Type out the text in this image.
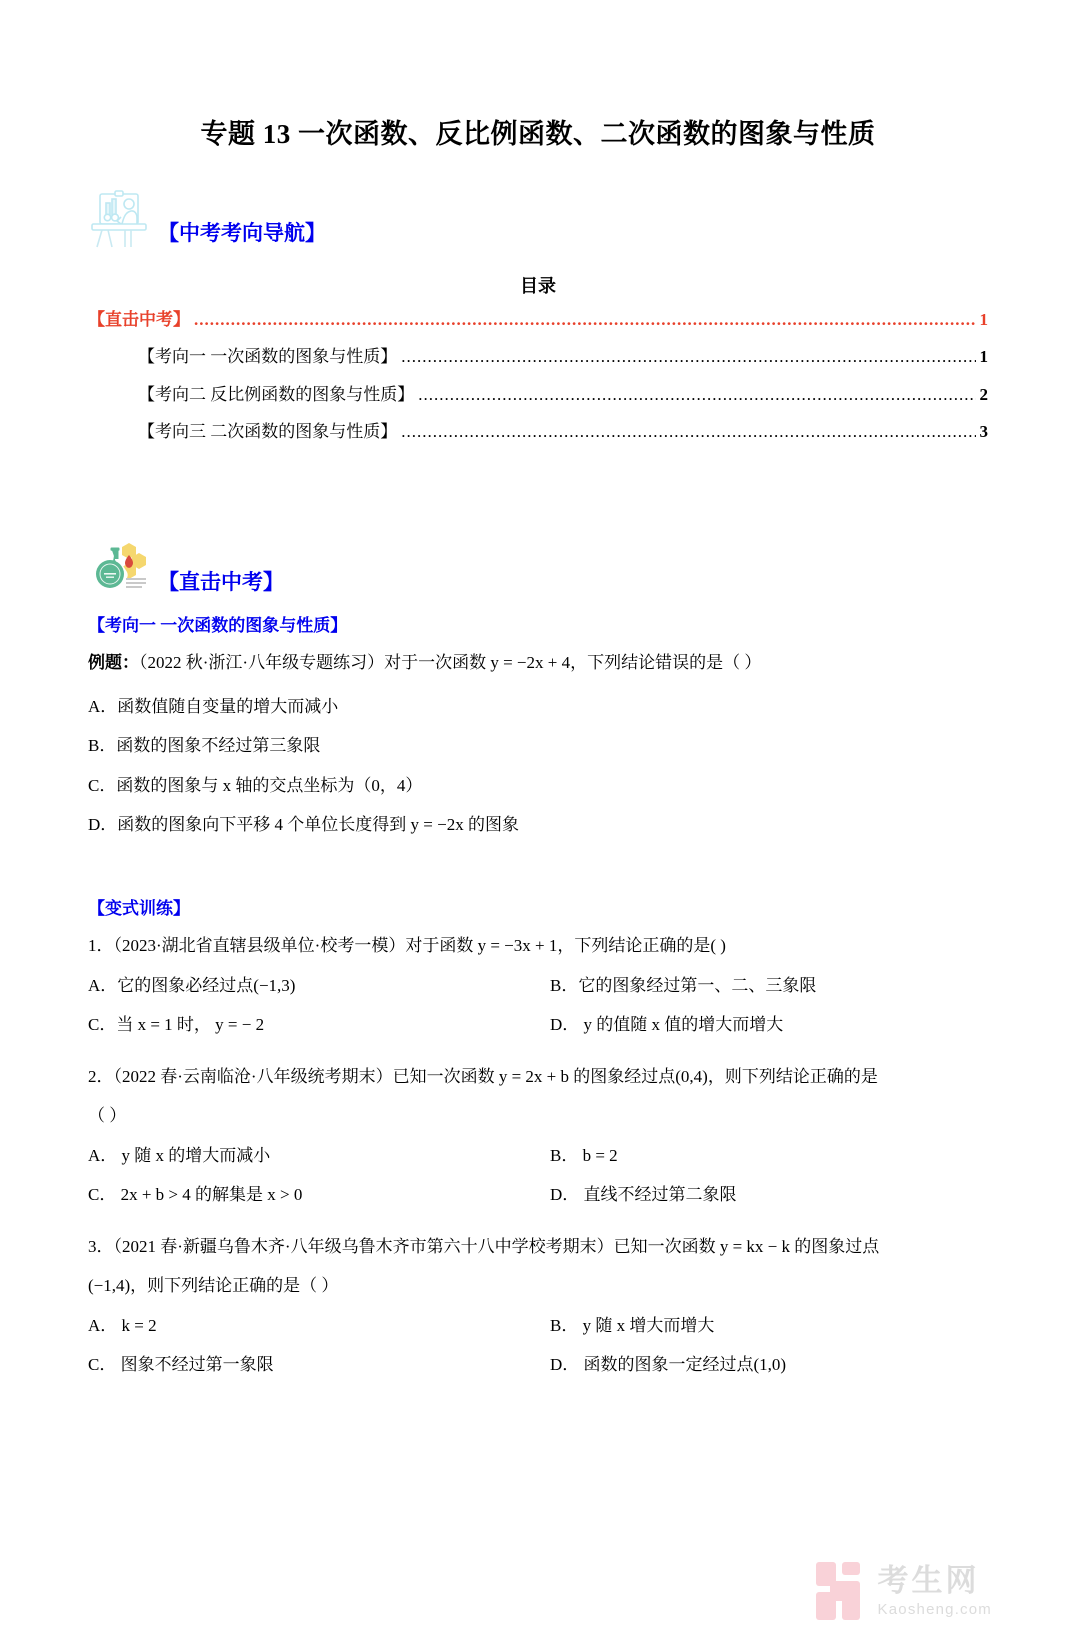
专题 13 一次函数、反比例函数、二次函数的图象与性质
【中考考向导航】
目录
【直击中考】 .....	1
【考向一 一次函数的图象与性质】 .....	1
【考向二 反比例函数的图象与性质】 .....	2
【考向三 二次函数的图象与性质】 .....	3
【直击中考】
【考向一 一次函数的图象与性质】
例题：（2022 秋·浙江·八年级专题练习）对于一次函数 y = −2x + 4，下列结论错误的是（ ）
A．函数值随自变量的增大而减小
B．函数的图象不经过第三象限
C．函数的图象与 x 轴的交点坐标为（0，4）
D．函数的图象向下平移 4 个单位长度得到 y = −2x 的图象
【变式训练】
1．（2023·湖北省直辖县级单位·校考一模）对于函数 y = −3x + 1，下列结论正确的是( )
A．它的图象必经过点(−1,3)	B．它的图象经过第一、二、三象限
C．当 x = 1 时， y = − 2	D． y 的值随 x 值的增大而增大
2．（2022 春·云南临沧·八年级统考期末）已知一次函数 y = 2x + b 的图象经过点(0,4)，则下列结论正确的是
（ ）
A． y 随 x 的增大而减小	B． b = 2
C． 2x + b > 4 的解集是 x > 0	D． 直线不经过第二象限
3．（2021 春·新疆乌鲁木齐·八年级乌鲁木齐市第六十八中学校考期末）已知一次函数 y = kx − k 的图象过点
(−1,4)，则下列结论正确的是（ ）
A． k = 2	B． y 随 x 增大而增大
C． 图象不经过第一象限	D． 函数的图象一定经过点(1,0)
考生网
Kaosheng.com
